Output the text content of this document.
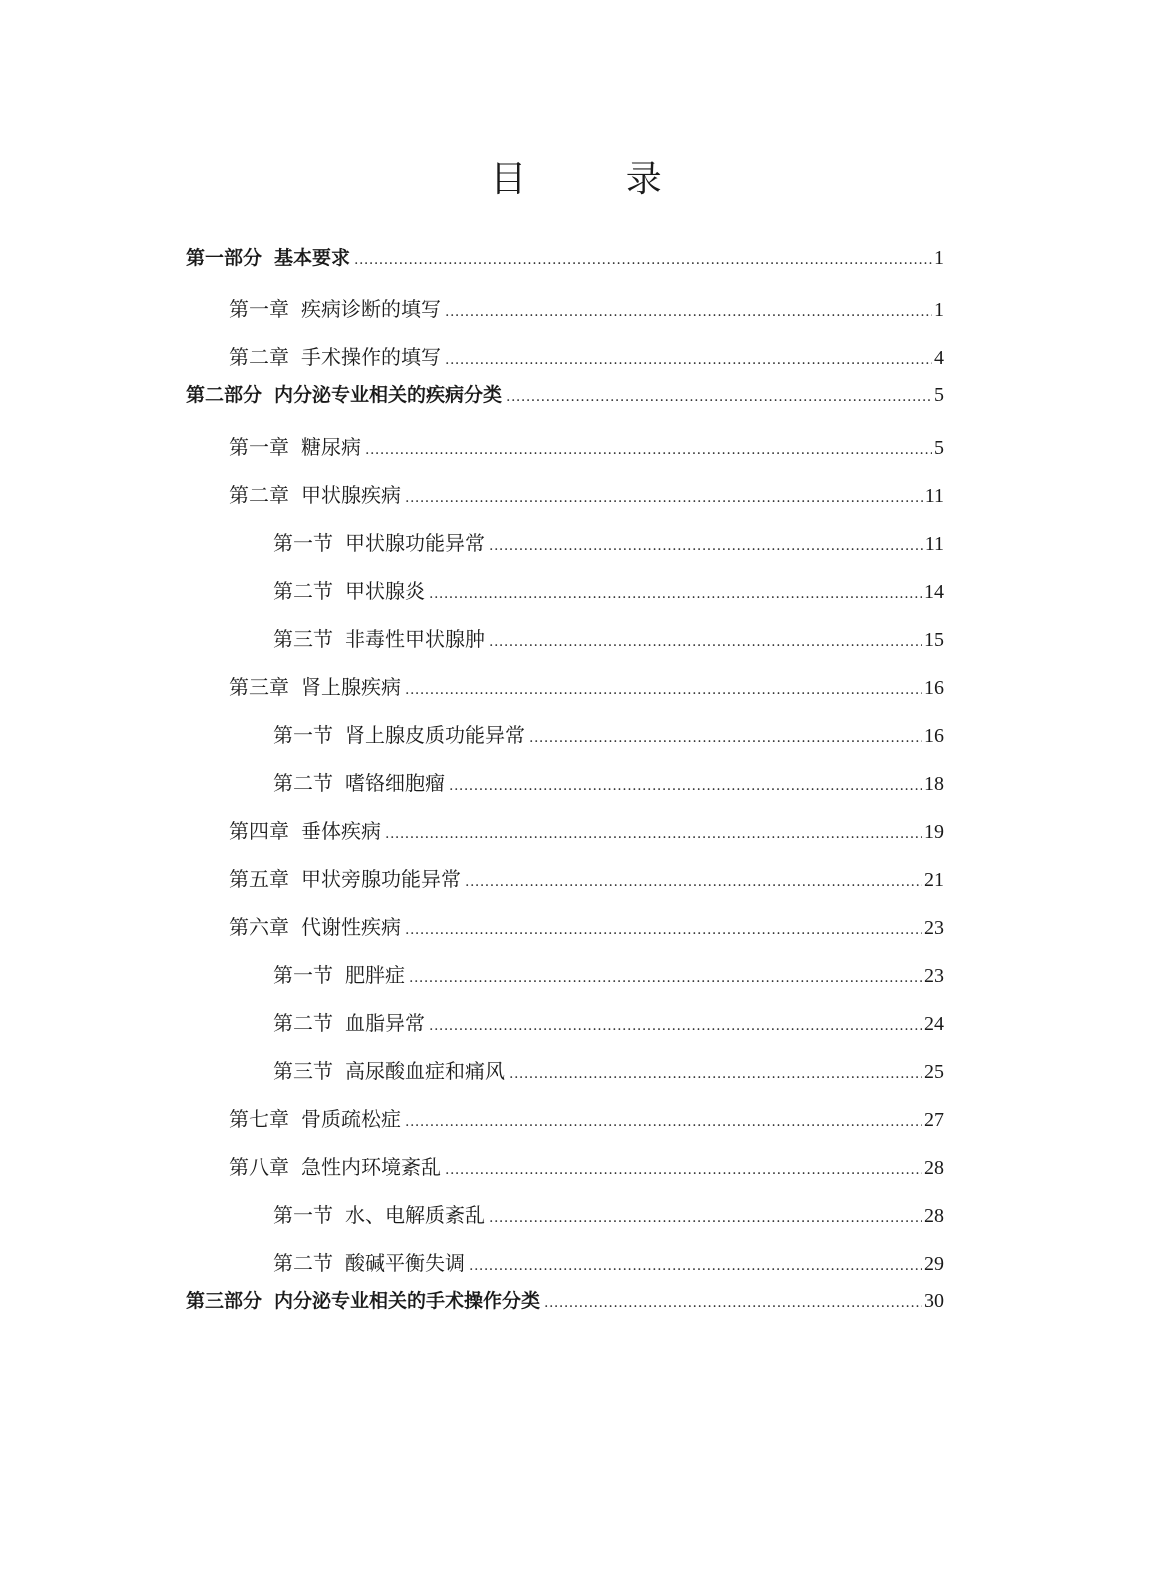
目 录
第一部分 基本要求 .....	1
第一章 疾病诊断的填写 .....	1
第二章 手术操作的填写 .....	4
第二部分 内分泌专业相关的疾病分类 .....	5
第一章 糖尿病 .....	5
第二章 甲状腺疾病 .....	11
第一节 甲状腺功能异常 .....	11
第二节 甲状腺炎 .....	14
第三节 非毒性甲状腺肿 .....	15
第三章 肾上腺疾病 .....	16
第一节 肾上腺皮质功能异常 .....	16
第二节 嗜铬细胞瘤 .....	18
第四章 垂体疾病 .....	19
第五章 甲状旁腺功能异常 .....	21
第六章 代谢性疾病 .....	23
第一节 肥胖症 .....	23
第二节 血脂异常 .....	24
第三节 高尿酸血症和痛风 .....	25
第七章 骨质疏松症 .....	27
第八章 急性内环境紊乱 .....	28
第一节 水、电解质紊乱 .....	28
第二节 酸碱平衡失调 .....	29
第三部分 内分泌专业相关的手术操作分类 .....	30
